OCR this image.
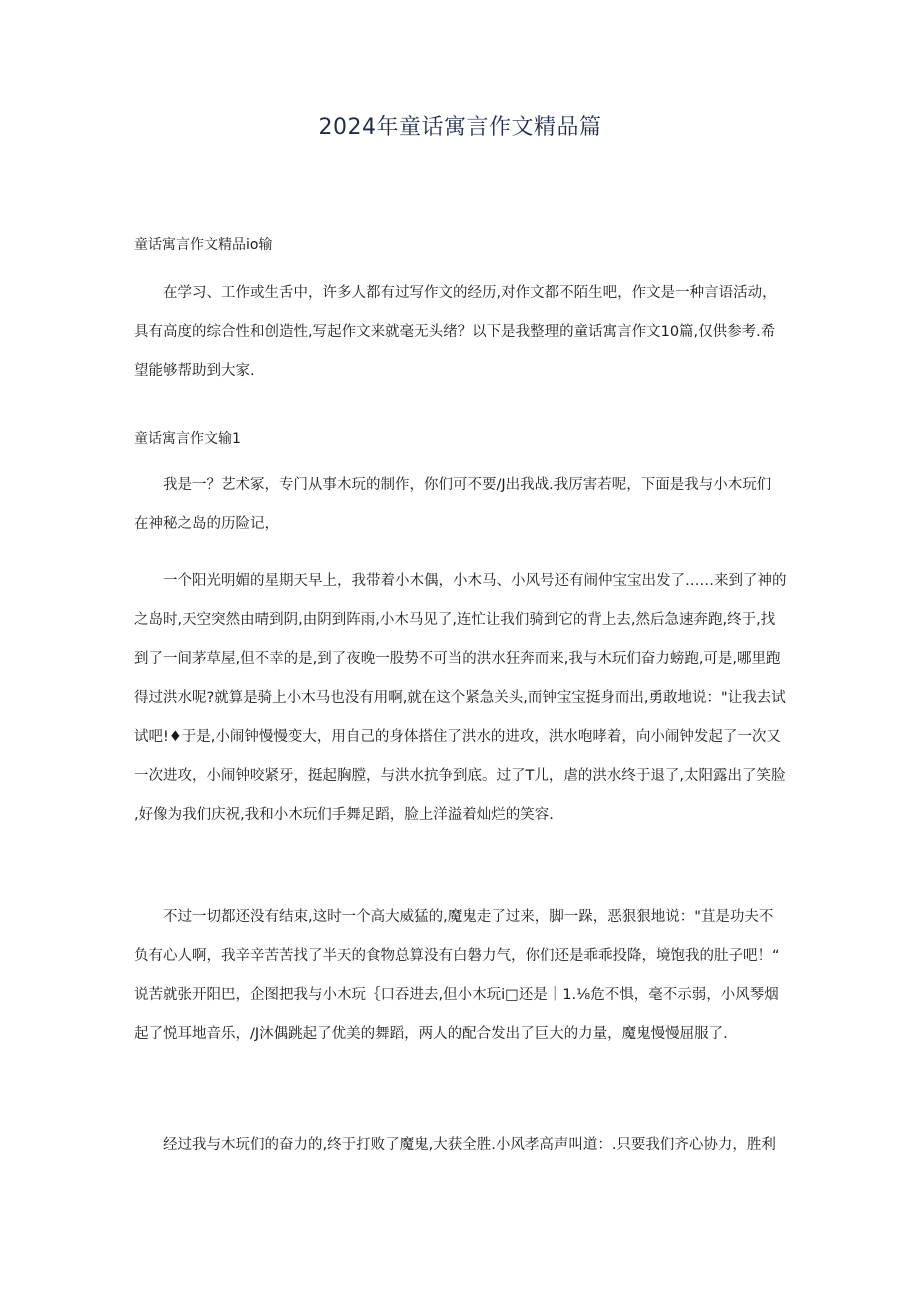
2024年童话寓言作文精品篇
童话寓言作文精品io输
在学习、工作或生舌中，许多人都有过写作文的经历,对作文都不陌生吧，作文是一种言语活动，
具有高度的综合性和创造性,写起作文来就毫无头绪？以下是我整理的童话寓言作文10篇,仅供参考.希
望能够帮助到大家.
童话寓言作文输1
我是一？艺术冢，专门从事木玩的制作，你们可不要/J出我战.我厉害若呢，下面是我与小木玩们
在神秘之岛的历险记，
一个阳光明媚的星期天早上，我带着小木偶，小木马、小风号还有闹仲宝宝出发了……来到了神的
之岛时,天空突然由晴到阴,由阴到阵雨,小木马见了,连忙让我们骑到它的背上去,然后急速奔跑,终于,找
到了一间茅草屋,但不幸的是,到了夜晚一股势不可当的洪水狂奔而来,我与木玩们奋力螃跑,可是,哪里跑
得过洪水呢?就算是骑上小木马也没有用啊,就在这个紧急关头,而钟宝宝挺身而出,勇敢地说："让我去试
试吧!♦于是,小闹钟慢慢变大，用自己的身体搭住了洪水的进攻，洪水咆哮着，向小闹钟发起了一次又
一次进攻，小闹钟咬紧牙，挺起胸膛，与洪水抗争到底。过了T儿，虐的洪水终于退了,太阳露出了笑脸
,好像为我们庆祝,我和小木玩们手舞足蹈，脸上洋溢着灿烂的笑容.
不过一切都还没有结束,这时一个高大威猛的,魔鬼走了过来，脚一跺，恶狠狠地说："苴是功夫不
负有心人啊，我辛辛苦苦找了半天的食物总算没有白磐力气，你们还是乖乖投降，境饱我的肚子吧！“
说苦就张开阳巴，企图把我与小木玩｛口吞进去,但小木玩i□还是｜1.⅛危不惧，毫不示弱，小风琴烟
起了悦耳地音乐，/J沐偶跳起了优美的舞蹈，两人的配合发出了巨大的力量，魔鬼慢慢屈服了.
经过我与木玩们的奋力的,终于打败了魔鬼,大获全胜.小风孝高声叫道：.只要我们齐心协力，胜利
